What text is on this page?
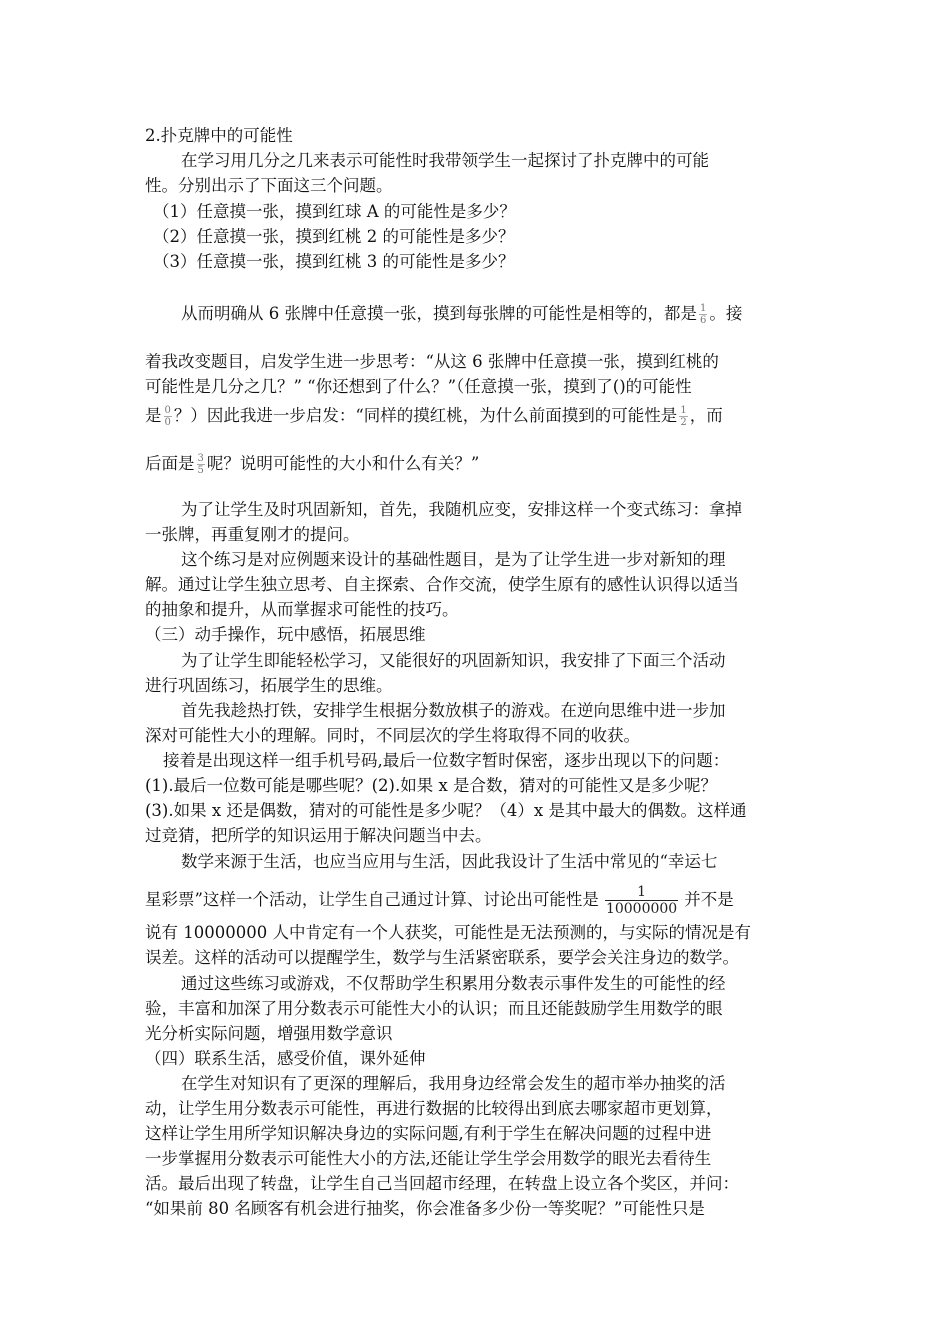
2.扑克牌中的可能性
在学习用几分之几来表示可能性时我带领学生一起探讨了扑克牌中的可能
性。分别出示了下面这三个问题。
（1）任意摸一张，摸到红球 A 的可能性是多少？
（2）任意摸一张，摸到红桃 2 的可能性是多少？
（3）任意摸一张，摸到红桃 3 的可能性是多少？
从而明确从 6 张牌中任意摸一张，摸到每张牌的可能性是相等的，都是 $\frac{1}{6}$ 。接
着我改变题目，启发学生进一步思考：“从这 6 张牌中任意摸一张，摸到红桃的
可能性是几分之几？” “你还想到了什么？”（任意摸一张，摸到了()的可能性
是 $\frac{0}{0}$ ？）因此我进一步启发：“同样的摸红桃，为什么前面摸到的可能性是 $\frac{1}{2}$ ，而
后面是 $\frac{3}{5}$ 呢？说明可能性的大小和什么有关？”
为了让学生及时巩固新知，首先，我随机应变，安排这样一个变式练习：拿掉
一张牌，再重复刚才的提问。
这个练习是对应例题来设计的基础性题目，是为了让学生进一步对新知的理
解。通过让学生独立思考、自主探索、合作交流，使学生原有的感性认识得以适当
的抽象和提升，从而掌握求可能性的技巧。
（三）动手操作，玩中感悟，拓展思维
为了让学生即能轻松学习，又能很好的巩固新知识，我安排了下面三个活动
进行巩固练习，拓展学生的思维。
首先我趁热打铁，安排学生根据分数放棋子的游戏。在逆向思维中进一步加
深对可能性大小的理解。同时，不同层次的学生将取得不同的收获。
接着是出现这样一组手机号码,最后一位数字暂时保密，逐步出现以下的问题：
(1).最后一位数可能是哪些呢？(2).如果 x 是合数，猜对的可能性又是多少呢？
(3).如果 x 还是偶数，猜对的可能性是多少呢？（4）x 是其中最大的偶数。这样通
过竞猜，把所学的知识运用于解决问题当中去。
数学来源于生活，也应当应用与生活，因此我设计了生活中常见的“幸运七
星彩票”这样一个活动，让学生自己通过计算、讨论出可能性是 $\frac{1}{10000000}$ 并不是
说有 10000000 人中肯定有一个人获奖，可能性是无法预测的，与实际的情况是有
误差。这样的活动可以提醒学生，数学与生活紧密联系，要学会关注身边的数学。
通过这些练习或游戏，不仅帮助学生积累用分数表示事件发生的可能性的经
验，丰富和加深了用分数表示可能性大小的认识；而且还能鼓励学生用数学的眼
光分析实际问题，增强用数学意识
（四）联系生活，感受价值，课外延伸
在学生对知识有了更深的理解后，我用身边经常会发生的超市举办抽奖的活
动，让学生用分数表示可能性，再进行数据的比较得出到底去哪家超市更划算，
这样让学生用所学知识解决身边的实际问题,有利于学生在解决问题的过程中进
一步掌握用分数表示可能性大小的方法,还能让学生学会用数学的眼光去看待生
活。最后出现了转盘，让学生自己当回超市经理，在转盘上设立各个奖区，并问：
“如果前 80 名顾客有机会进行抽奖，你会准备多少份一等奖呢？”可能性只是
